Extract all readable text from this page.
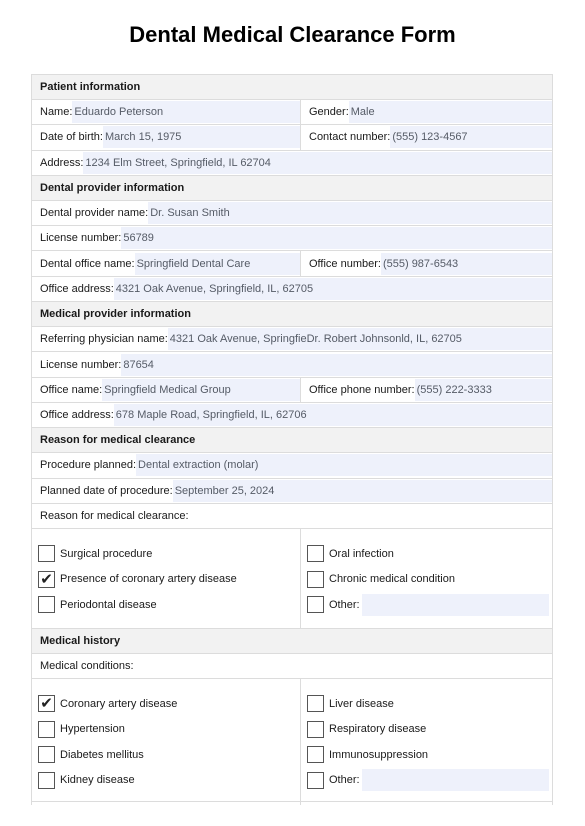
Dental Medical Clearance Form
Patient information
Name: Eduardo Peterson	Gender: Male
Date of birth: March 15, 1975	Contact number: (555) 123-4567
Address: 1234 Elm Street, Springfield, IL 62704
Dental provider information
Dental provider name: Dr. Susan Smith
License number: 56789
Dental office name: Springfield Dental Care	Office number: (555) 987-6543
Office address: 4321 Oak Avenue, Springfield, IL, 62705
Medical provider information
Referring physician name: 4321 Oak Avenue, SpringfieDr. Robert Johnsonld, IL, 62705
License number: 87654
Office name: Springfield Medical Group	Office phone number: (555) 222-3333
Office address: 678 Maple Road, Springfield, IL, 62706
Reason for medical clearance
Procedure planned: Dental extraction (molar)
Planned date of procedure: September 25, 2024
Reason for medical clearance:
Surgical procedure
✔ Presence of coronary artery disease
Periodontal disease
Oral infection
Chronic medical condition
Other:
Medical history
Medical conditions:
✔ Coronary artery disease
Hypertension
Diabetes mellitus
Kidney disease
Liver disease
Respiratory disease
Immunosuppression
Other:
